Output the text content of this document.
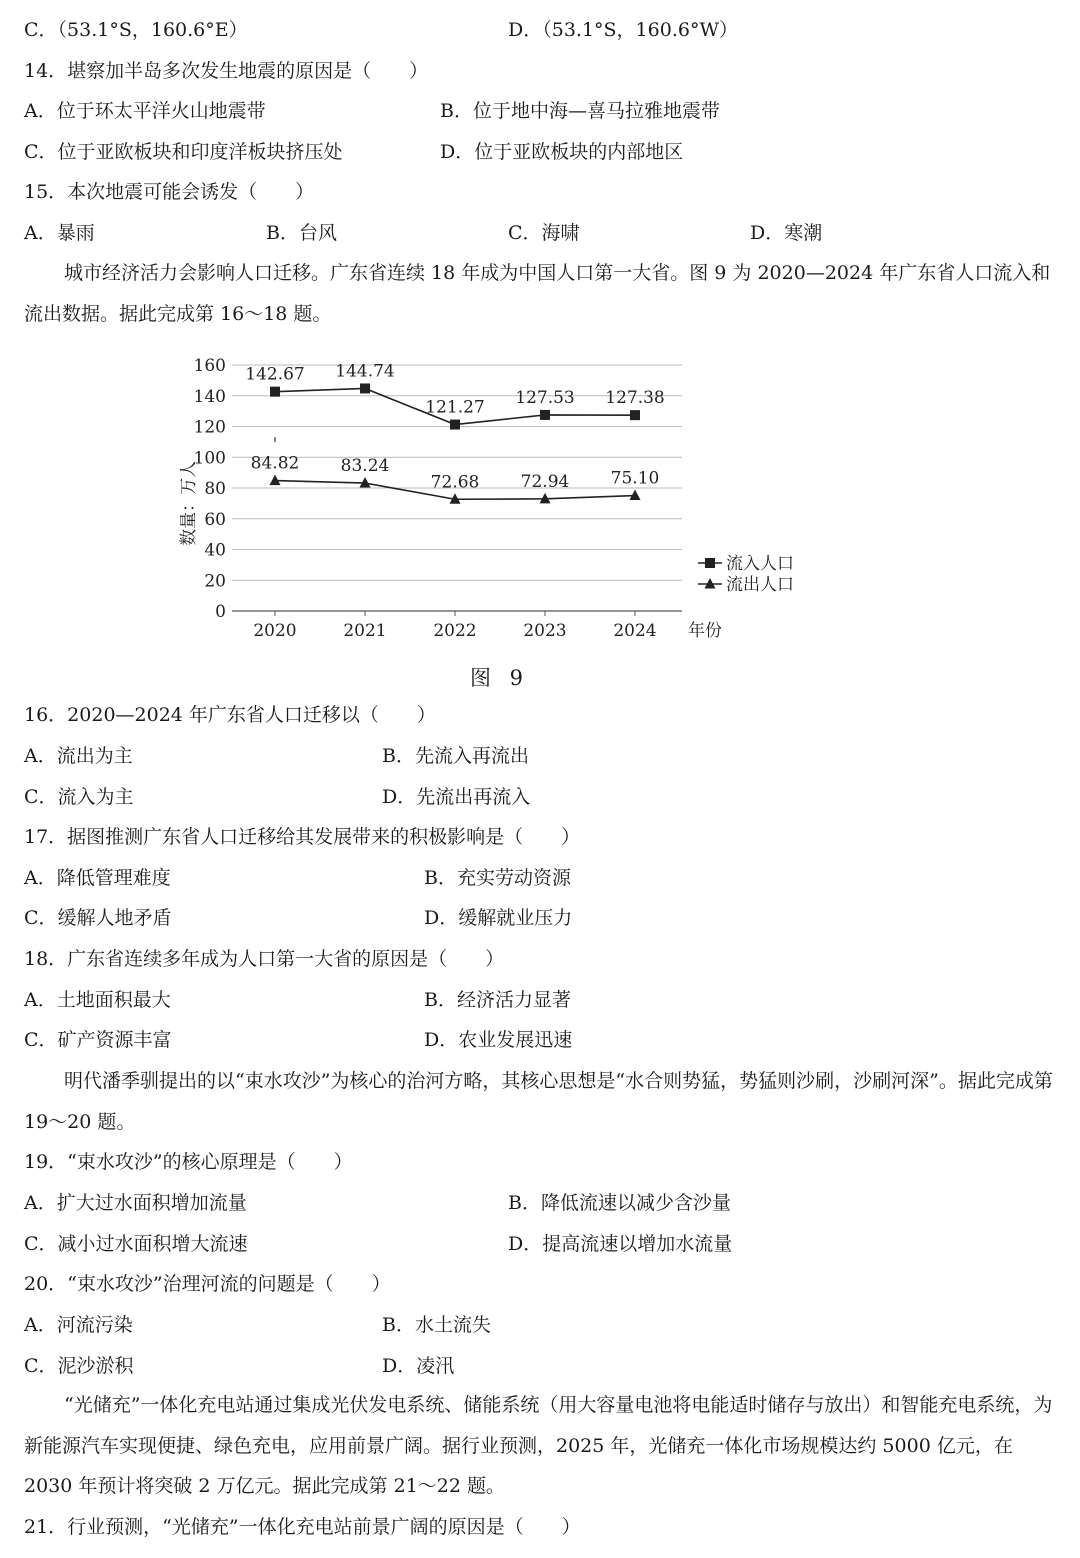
C．（53.1°S，160.6°E）	D．（53.1°S，160.6°W）
14．堪察加半岛多次发生地震的原因是（　　）
A．位于环太平洋火山地震带	B．位于地中海—喜马拉雅地震带
C．位于亚欧板块和印度洋板块挤压处	D．位于亚欧板块的内部地区
15．本次地震可能会诱发（　　）
A．暴雨	B．台风	C．海啸	D．寒潮
城市经济活力会影响人口迁移。广东省连续 18 年成为中国人口第一大省。图 9 为 2020—2024 年广东省人口流入和流出数据。据此完成第 16～18 题。
0
20
40
60
80
100
120
140
160
2020	2021	2022	2023	2024 年份
数量：万人
142.67 144.74
121.27 127.53 127.38
84.82 83.24
72.68 72.94 75.10
流入人口
流出人口
图 9
16．2020—2024 年广东省人口迁移以（　　）
A．流出为主	B．先流入再流出
C．流入为主	D．先流出再流入
17．据图推测广东省人口迁移给其发展带来的积极影响是（　　）
A．降低管理难度	B．充实劳动资源
C．缓解人地矛盾	D．缓解就业压力
18．广东省连续多年成为人口第一大省的原因是（　　）
A．土地面积最大	B．经济活力显著
C．矿产资源丰富	D．农业发展迅速
明代潘季驯提出的以“束水攻沙”为核心的治河方略，其核心思想是“水合则势猛，势猛则沙刷，沙刷河深”。据此完成第 19～20 题。
19．“束水攻沙”的核心原理是（　　）
A．扩大过水面积增加流量	B．降低流速以减少含沙量
C．减小过水面积增大流速	D．提高流速以增加水流量
20．“束水攻沙”治理河流的问题是（　　）
A．河流污染	B．水土流失
C．泥沙淤积	D．凌汛
“光储充”一体化充电站通过集成光伏发电系统、储能系统（用大容量电池将电能适时储存与放出）和智能充电系统，为新能源汽车实现便捷、绿色充电，应用前景广阔。据行业预测，2025 年，光储充一体化市场规模达约 5000 亿元，在 2030 年预计将突破 2 万亿元。据此完成第 21～22 题。
21．行业预测，“光储充”一体化充电站前景广阔的原因是（　　）
